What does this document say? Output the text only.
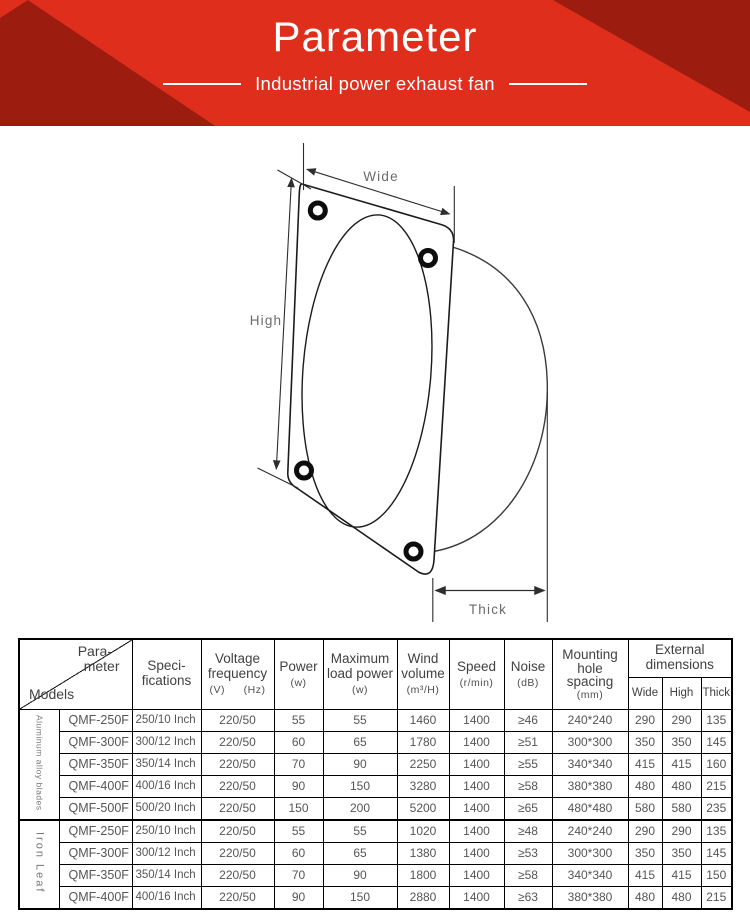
Parameter
Industrial power exhaust fan
Wide
High
Thick
Para-
meter
Models

Speci-
fications

Voltage
frequency
(V) (Hz)

Power
(w)

Maximum
load power
(w)

Wind
volume
(m³/H)

Speed
(r/min)

Noise
(dB)

Mounting
hole
spacing
(mm)

External
dimensions

										Wide	High	Thick
Aluminum alloy blades	QMF-250F	250/10 Inch	220/50	55	55	1460	1400	≥46	240*240	290	290	135
	QMF-300F	300/12 Inch	220/50	60	65	1780	1400	≥51	300*300	350	350	145
	QMF-350F	350/14 Inch	220/50	70	90	2250	1400	≥55	340*340	415	415	160
	QMF-400F	400/16 Inch	220/50	90	150	3280	1400	≥58	380*380	480	480	215
	QMF-500F	500/20 Inch	220/50	150	200	5200	1400	≥65	480*480	580	580	235
Iron Leaf	QMF-250F	250/10 Inch	220/50	55	55	1020	1400	≥48	240*240	290	290	135
	QMF-300F	300/12 Inch	220/50	60	65	1380	1400	≥53	300*300	350	350	145
	QMF-350F	350/14 Inch	220/50	70	90	1800	1400	≥58	340*340	415	415	150
	QMF-400F	400/16 Inch	220/50	90	150	2880	1400	≥63	380*380	480	480	215
